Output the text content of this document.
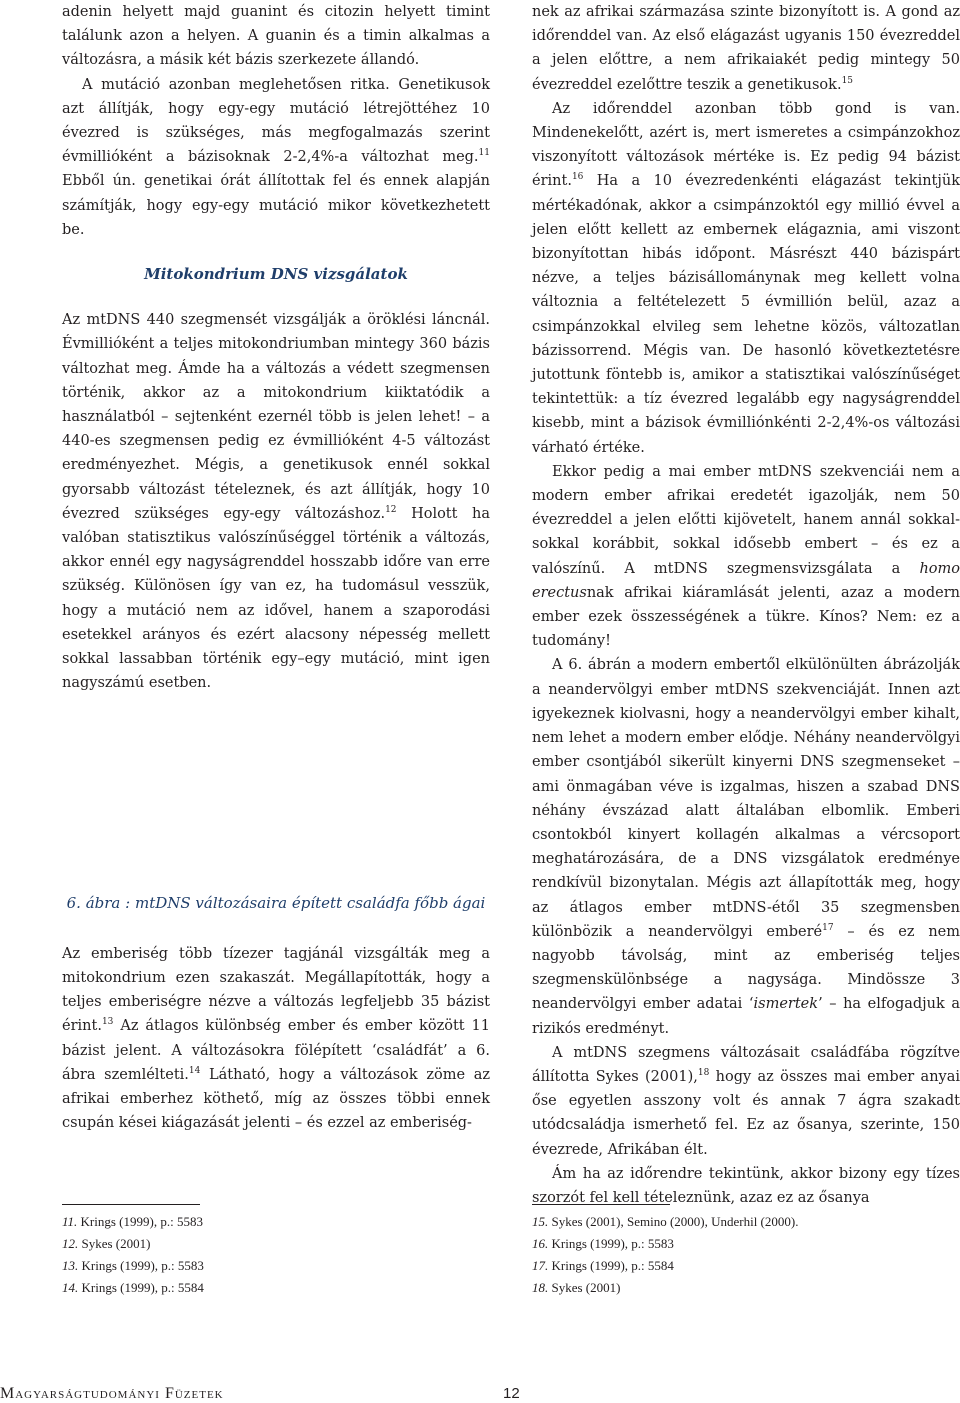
adenin helyett majd guanint és citozin helyett timint találunk azon a helyen. A guanin és a timin alkalmas a változásra, a másik két bázis szerkezete állandó.

A mutáció azonban meglehetősen ritka. Genetikusok azt állítják, hogy egy-egy mutáció létrejöttéhez 10 évezred is szükséges, más megfogalmazás szerint évmillióként a bázisoknak 2-2,4%-a változhat meg.$^{11}$ Ebből ún. genetikai órát állítottak fel és ennek alapján számítják, hogy egy-egy mutáció mikor következhetett be.

Mitokondrium DNS vizsgálatok

Az mtDNS 440 szegmensét vizsgálják a öröklési láncnál. Évmillióként a teljes mitokondriumban mintegy 360 bázis változhat meg. Ámde ha a változás a védett szegmensen történik, akkor az a mitokondrium kiiktatódik a használatból – sejtenként ezernél több is jelen lehet! – a 440-es szegmensen pedig ez évmillióként 4-5 változást eredményezhet. Mégis, a genetikusok ennél sokkal gyorsabb változást tételeznek, és azt állítják, hogy 10 évezred szükséges egy-egy változáshoz.$^{12}$ Holott ha valóban statisztikus valószínűséggel történik a változás, akkor ennél egy nagyságrenddel hosszabb időre van erre szükség. Különösen így van ez, ha tudomásul vesszük, hogy a mutáció nem az idővel, hanem a szaporodási esetekkel arányos és ezért alacsony népesség mellett sokkal lassabban történik egy–egy mutáció, mint igen nagyszámú esetben.

6. ábra : mtDNS változásaira épített családfa főbb ágai

Az emberiség több tízezer tagjánál vizsgálták meg a mitokondrium ezen szakaszát. Megállapították, hogy a teljes emberiségre nézve a változás legfeljebb 35 bázist érint.$^{13}$ Az átlagos különbség ember és ember között 11 bázist jelent. A változásokra fölépített ‘családfát’ a 6. ábra szemlélteti.$^{14}$ Látható, hogy a változások zöme az afrikai emberhez köthető, míg az összes többi ennek csupán kései kiágazását jelenti – és ezzel az emberiség-

nek az afrikai származása szinte bizonyított is. A gond az időrenddel van. Az első elágazást ugyanis 150 évezreddel a jelen előttre, a nem afrikaiakét pedig mintegy 50 évezreddel ezelőttre teszik a genetikusok.$^{15}$

Az időrenddel azonban több gond is van. Mindenekelőtt, azért is, mert ismeretes a csimpánzokhoz viszonyított változások mértéke is. Ez pedig 94 bázist érint.$^{16}$ Ha a 10 évezredenkénti elágazást tekintjük mértékadónak, akkor a csimpánzoktól egy millió évvel a jelen előtt kellett az embernek elágaznia, ami viszont bizonyítottan hibás időpont. Másrészt 440 bázispárt nézve, a teljes bázisállománynak meg kellett volna változnia a feltételezett 5 évmillión belül, azaz a csimpánzokkal elvileg sem lehetne közös, változatlan bázissorrend. Mégis van. De hasonló következtetésre jutottunk föntebb is, amikor a statisztikai valószínűséget tekintettük: a tíz évezred legalább egy nagyságrenddel kisebb, mint a bázisok évmilliónkénti 2-2,4%-os változási várható értéke.

Ekkor pedig a mai ember mtDNS szekvenciái nem a modern ember afrikai eredetét igazolják, nem 50 évezreddel a jelen előtti kijövetelt, hanem annál sokkal-sokkal korábbit, sokkal idősebb embert – és ez a valószínű. A mtDNS szegmensvizsgálata a homo erectusnak afrikai kiáramlását jelenti, azaz a modern ember ezek összességének a tükre. Kínos? Nem: ez a tudomány!

A 6. ábrán a modern embertől elkülönülten ábrázolják a neandervölgyi ember mtDNS szekvenciáját. Innen azt igyekeznek kiolvasni, hogy a neandervölgyi ember kihalt, nem lehet a modern ember elődje. Néhány neandervölgyi ember csontjából sikerült kinyerni DNS szegmenseket – ami önmagában véve is izgalmas, hiszen a szabad DNS néhány évszázad alatt általában elbomlik. Emberi csontokból kinyert kollagén alkalmas a vércsoport meghatározására, de a DNS vizsgálatok eredménye rendkívül bizonytalan. Mégis azt állapították meg, hogy az átlagos ember mtDNS-étől 35 szegmensben különbözik a neandervölgyi emberé$^{17}$ – és ez nem nagyobb távolság, mint az emberiség teljes szegmenskülönbsége a nagysága. Mindössze 3 neandervölgyi ember adatai ‘ismertek’ – ha elfogadjuk a rizikós eredményt.

A mtDNS szegmens változásait családfába rögzítve állította Sykes (2001),$^{18}$ hogy az összes mai ember anyai őse egyetlen asszony volt és annak 7 ágra szakadt utódcsaládja ismerhető fel. Ez az ősanya, szerinte, 150 évezrede, Afrikában élt.

Ám ha az időrendre tekintünk, akkor bizony egy tízes szorzót fel kell tételeznünk, azaz ez az ősanya

11. Krings (1999), p.: 5583
12. Sykes (2001)
13. Krings (1999), p.: 5583
14. Krings (1999), p.: 5584
15. Sykes (2001), Semino (2000), Underhil (2000).
16. Krings (1999), p.: 5583
17. Krings (1999), p.: 5584
18. Sykes (2001)
Magyarságtudományi Füzetek	12
